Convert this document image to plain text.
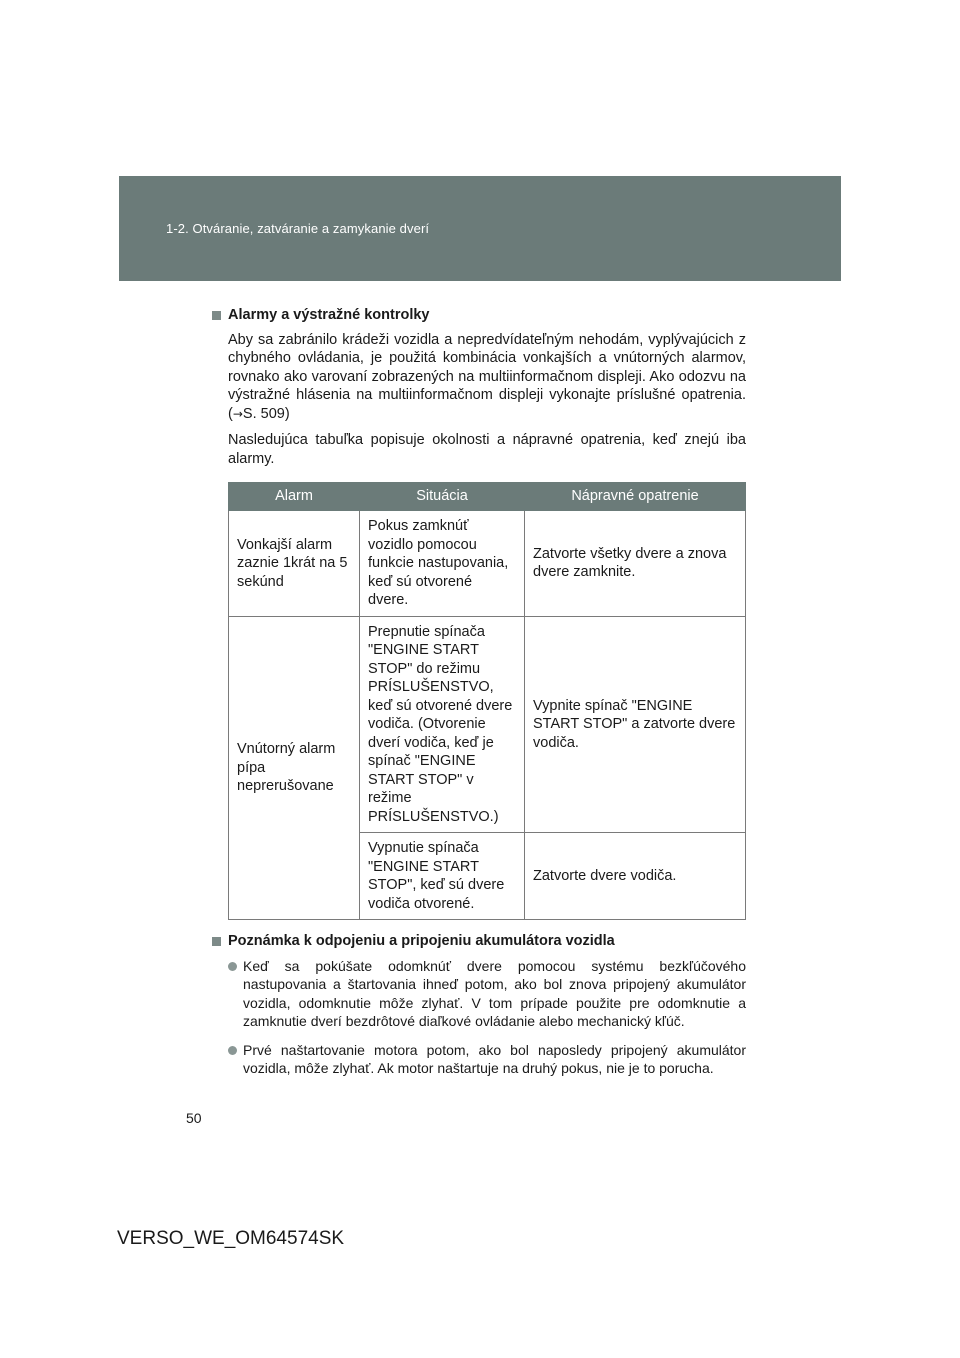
1-2. Otváranie, zatváranie a zamykanie dverí
Alarmy a výstražné kontrolky

Aby sa zabránilo krádeži vozidla a nepredvídateľným nehodám, vyplývajúcich z chybného ovládania, je použitá kombinácia vonkajších a vnútorných alarmov, rovnako ako varovaní zobrazených na multiinformačnom displeji. Ako odozvu na výstražné hlásenia na multiinformačnom displeji vykonajte príslušné opatrenia. (→S. 509)

Nasledujúca tabuľka popisuje okolnosti a nápravné opatrenia, keď znejú iba alarmy.

Alarm	Situácia	Nápravné opatrenie
Vonkajší alarm zaznie 1krát na 5 sekúnd	Pokus zamknúť vozidlo pomocou funkcie nastupovania, keď sú otvorené dvere.	Zatvorte všetky dvere a znova dvere zamknite.
Vnútorný alarm pípa neprerušovane	Prepnutie spínača "ENGINE START STOP" do režimu PRÍSLUŠENSTVO, keď sú otvorené dvere vodiča. (Otvorenie dverí vodiča, keď je spínač "ENGINE START STOP" v režime PRÍSLUŠENSTVO.)	Vypnite spínač "ENGINE START STOP" a zatvorte dvere vodiča.
	Vypnutie spínača "ENGINE START STOP", keď sú dvere vodiča otvorené.	Zatvorte dvere vodiča.
Poznámka k odpojeniu a pripojeniu akumulátora vozidla
Keď sa pokúšate odomknúť dvere pomocou systému bezkľúčového nastupovania a štartovania ihneď potom, ako bol znova pripojený akumulátor vozidla, odomknutie môže zlyhať. V tom prípade použite pre odomknutie a zamknutie dverí bezdrôtové diaľkové ovládanie alebo mechanický kľúč.
Prvé naštartovanie motora potom, ako bol naposledy pripojený akumulátor vozidla, môže zlyhať. Ak motor naštartuje na druhý pokus, nie je to porucha.
50
VERSO_WE_OM64574SK
